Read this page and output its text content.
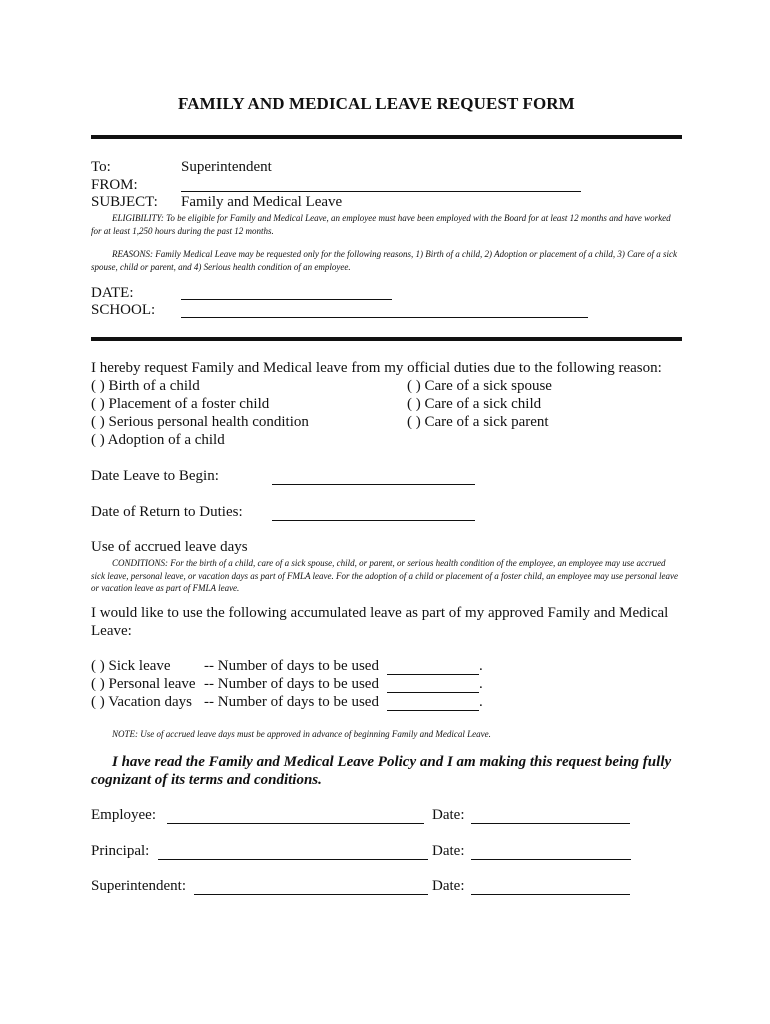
FAMILY AND MEDICAL LEAVE REQUEST FORM
To:	Superintendent
FROM:
SUBJECT: Family and Medical Leave
ELIGIBILITY: To be eligible for Family and Medical Leave, an employee must have been employed with the Board for at least 12 months and have worked for at least 1,250 hours during the past 12 months.
REASONS: Family Medical Leave may be requested only for the following reasons, 1) Birth of a child, 2) Adoption or placement of a child, 3) Care of a sick spouse, child or parent, and 4) Serious health condition of an employee.
DATE:
SCHOOL:
I hereby request Family and Medical leave from my official duties due to the following reason:
( ) Birth of a child
( ) Placement of a foster child
( ) Serious personal health condition
( ) Adoption of a child
( ) Care of a sick spouse
( ) Care of a sick child
( ) Care of a sick parent
Date Leave to Begin:
Date of Return to Duties:
Use of accrued leave days
CONDITIONS: For the birth of a child, care of a sick spouse, child, or parent, or serious health condition of the employee, an employee may use accrued sick leave, personal leave, or vacation days as part of FMLA leave. For the adoption of a child or placement of a foster child, an employee may use personal leave or vacation leave as part of FMLA leave.
I would like to use the following accumulated leave as part of my approved Family and Medical Leave:
( ) Sick leave -- Number of days to be used	.
( ) Personal leave -- Number of days to be used	.
( ) Vacation days -- Number of days to be used	.
NOTE: Use of accrued leave days must be approved in advance of beginning Family and Medical Leave.
I have read the Family and Medical Leave Policy and I am making this request being fully cognizant of its terms and conditions.
Employee:	Date:
Principal:	Date:
Superintendent:	Date:
